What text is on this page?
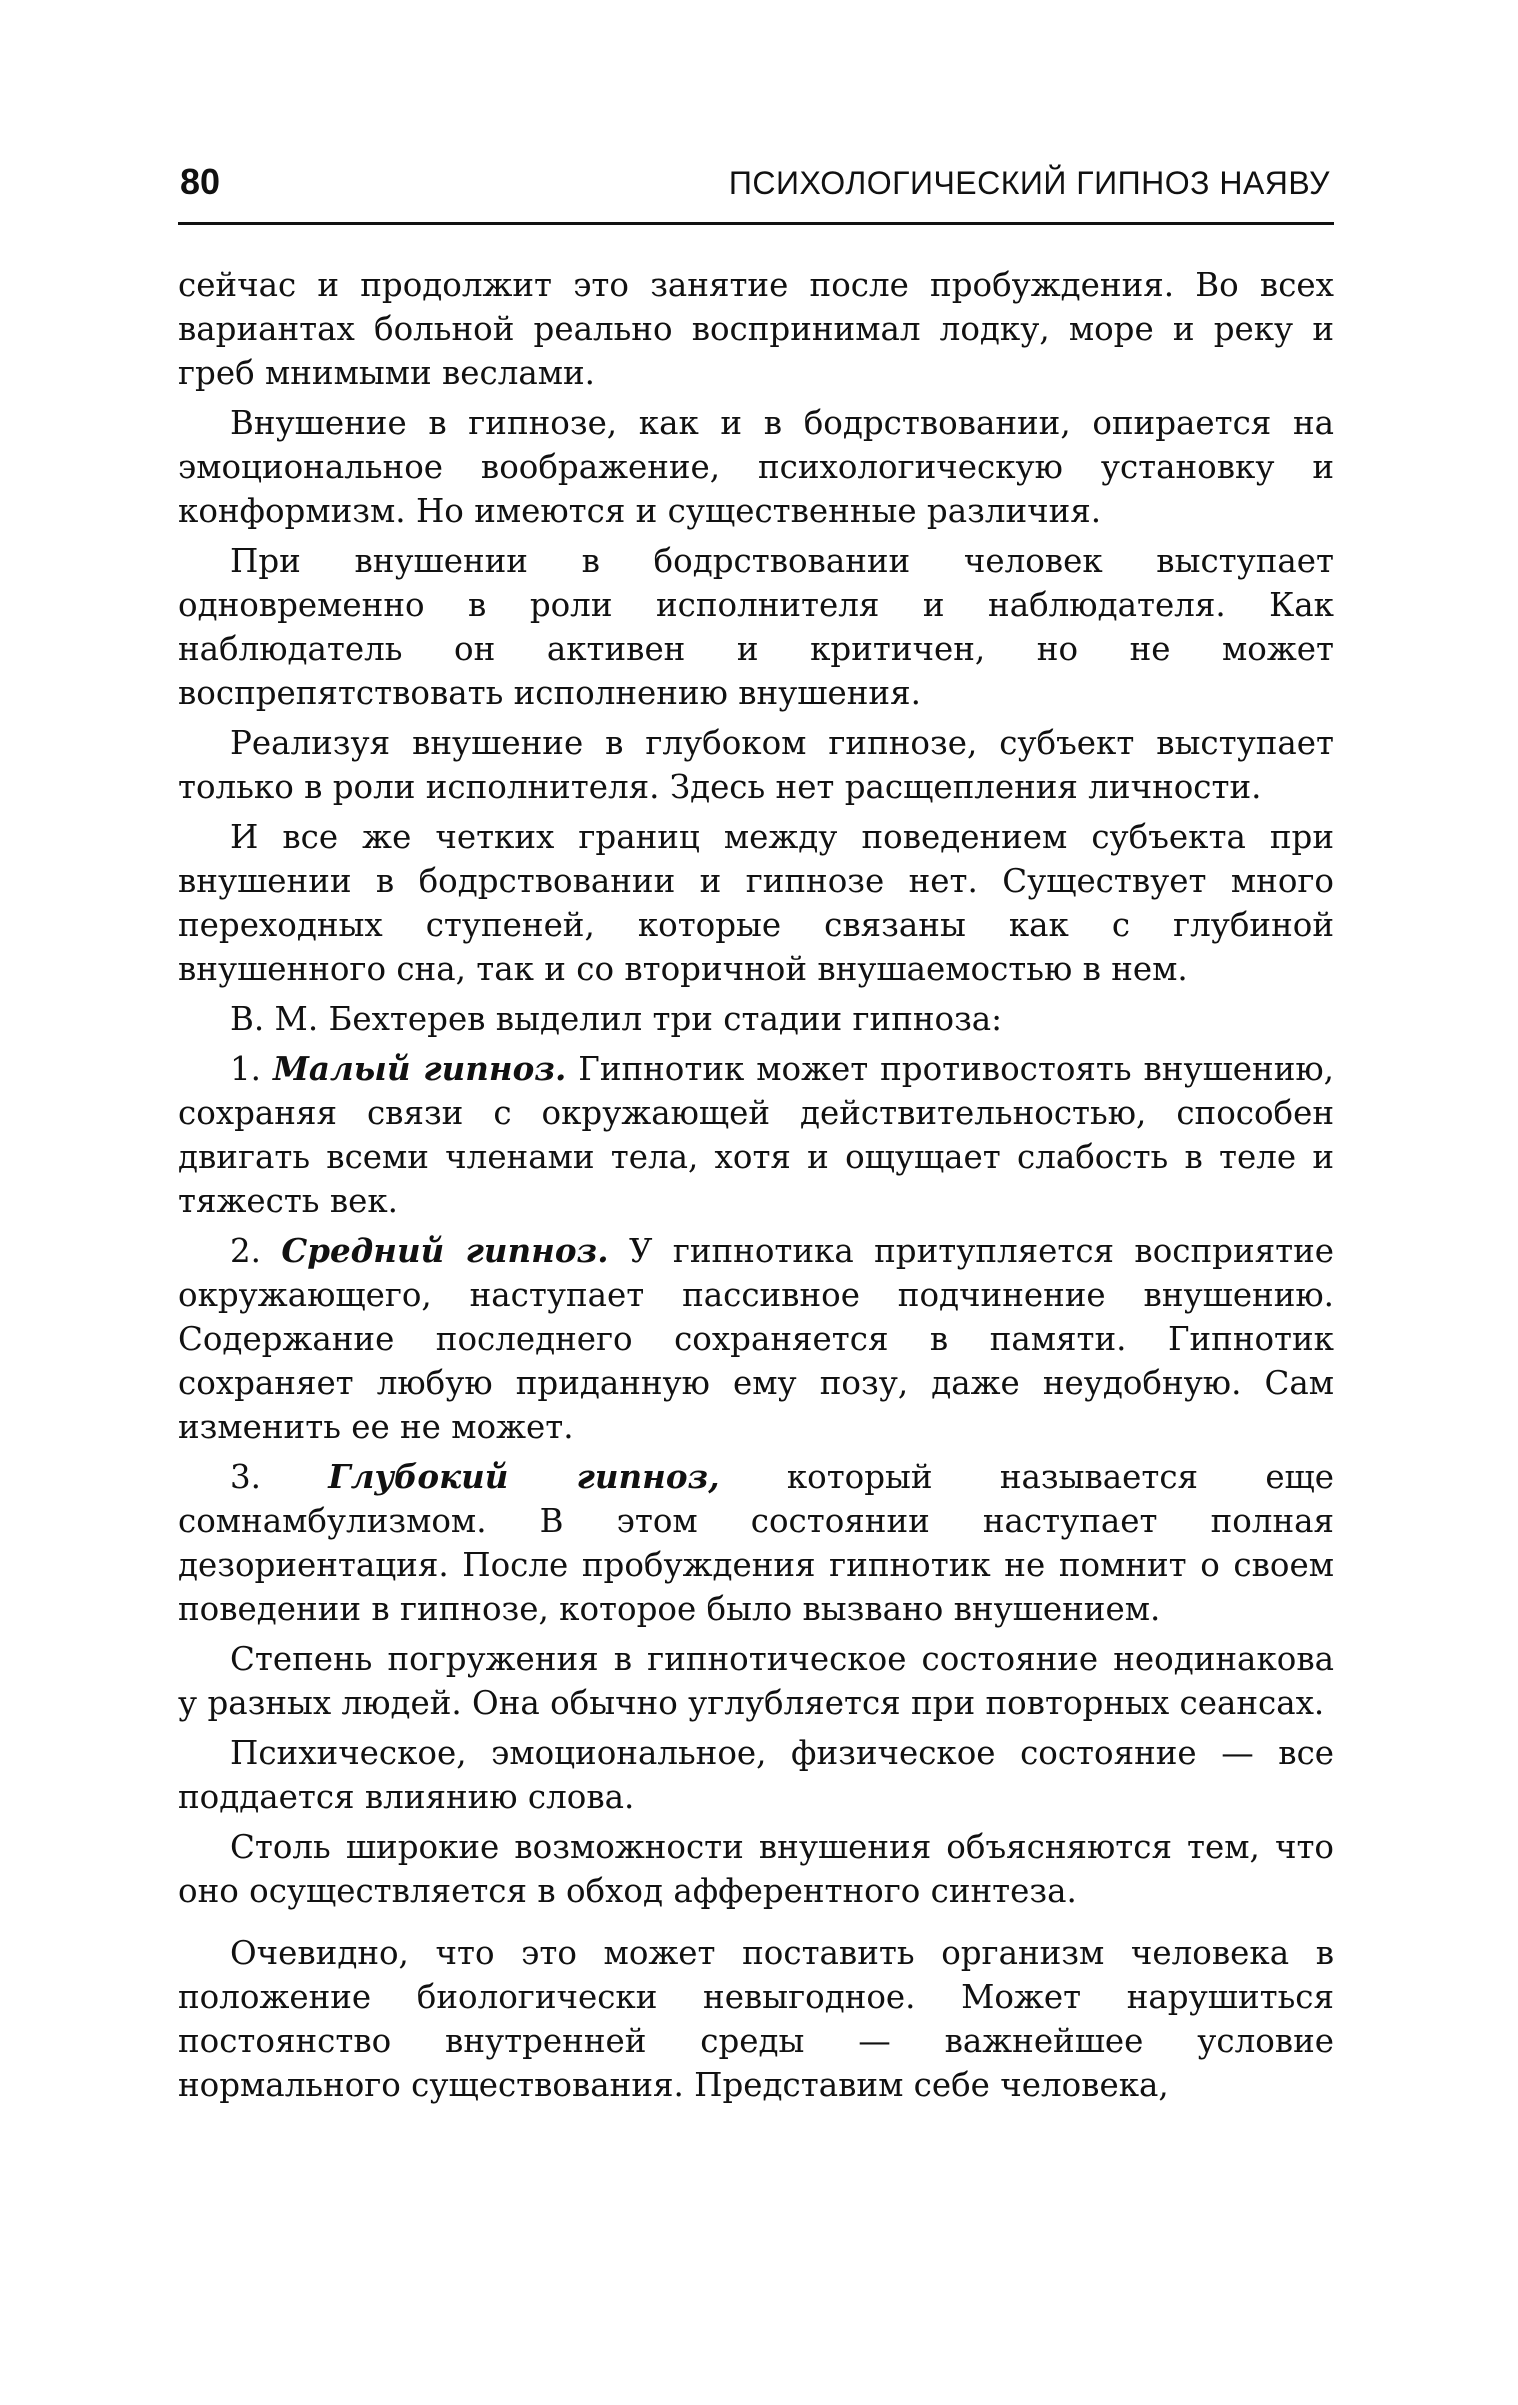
80	ПСИХОЛОГИЧЕСКИЙ ГИПНОЗ НАЯВУ

сейчас и продолжит это занятие после пробуждения. Во всех вариантах больной реально воспринимал лодку, море и реку и греб мнимыми веслами.

Внушение в гипнозе, как и в бодрствовании, опирается на эмоциональное воображение, психологическую установку и конформизм. Но имеются и существенные различия.

При внушении в бодрствовании человек выступает одновременно в роли исполнителя и наблюдателя. Как наблюдатель он активен и критичен, но не может воспрепятствовать исполнению внушения.

Реализуя внушение в глубоком гипнозе, субъект выступает только в роли исполнителя. Здесь нет расщепления личности.

И все же четких границ между поведением субъекта при внушении в бодрствовании и гипнозе нет. Существует много переходных ступеней, которые связаны как с глубиной внушенного сна, так и со вторичной внушаемостью в нем.

В. М. Бехтерев выделил три стадии гипноза:

1. Малый гипноз. Гипнотик может противостоять внушению, сохраняя связи с окружающей действительностью, способен двигать всеми членами тела, хотя и ощущает слабость в теле и тяжесть век.

2. Средний гипноз. У гипнотика притупляется восприятие окружающего, наступает пассивное подчинение внушению. Содержание последнего сохраняется в памяти. Гипнотик сохраняет любую приданную ему позу, даже неудобную. Сам изменить ее не может.

3. Глубокий гипноз, который называется еще сомнамбулизмом. В этом состоянии наступает полная дезориентация. После пробуждения гипнотик не помнит о своем поведении в гипнозе, которое было вызвано внушением.

Степень погружения в гипнотическое состояние неодинакова у разных людей. Она обычно углубляется при повторных сеансах.

Психическое, эмоциональное, физическое состояние — все поддается влиянию слова.

Столь широкие возможности внушения объясняются тем, что оно осуществляется в обход афферентного синтеза.

Очевидно, что это может поставить организм человека в положение биологически невыгодное. Может нарушиться постоянство внутренней среды — важнейшее условие нормального существования. Представим себе человека,
